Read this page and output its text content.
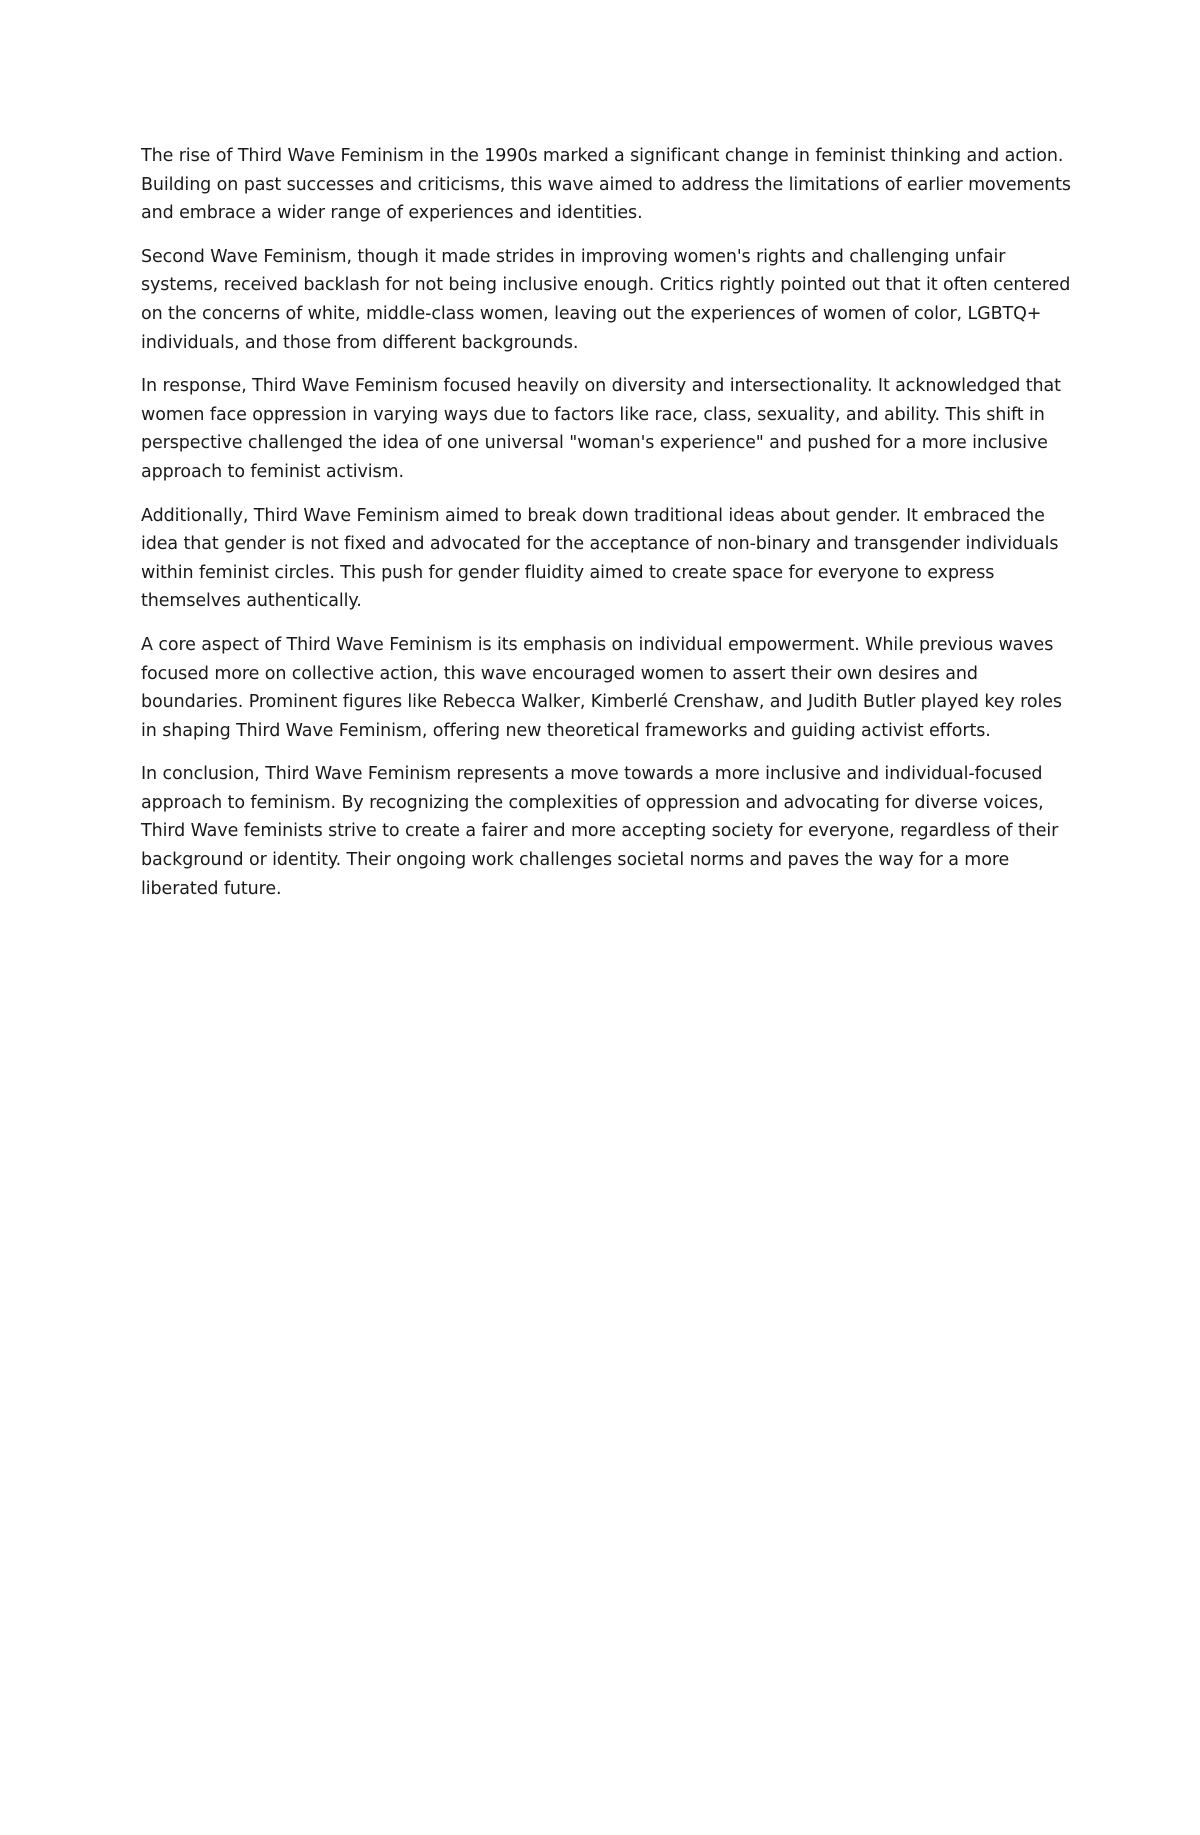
The rise of Third Wave Feminism in the 1990s marked a significant change in feminist thinking and action. Building on past successes and criticisms, this wave aimed to address the limitations of earlier movements and embrace a wider range of experiences and identities.

Second Wave Feminism, though it made strides in improving women's rights and challenging unfair systems, received backlash for not being inclusive enough. Critics rightly pointed out that it often centered on the concerns of white, middle-class women, leaving out the experiences of women of color, LGBTQ+ individuals, and those from different backgrounds.

In response, Third Wave Feminism focused heavily on diversity and intersectionality. It acknowledged that women face oppression in varying ways due to factors like race, class, sexuality, and ability. This shift in perspective challenged the idea of one universal "woman's experience" and pushed for a more inclusive approach to feminist activism.

Additionally, Third Wave Feminism aimed to break down traditional ideas about gender. It embraced the idea that gender is not fixed and advocated for the acceptance of non-binary and transgender individuals within feminist circles. This push for gender fluidity aimed to create space for everyone to express themselves authentically.

A core aspect of Third Wave Feminism is its emphasis on individual empowerment. While previous waves focused more on collective action, this wave encouraged women to assert their own desires and boundaries. Prominent figures like Rebecca Walker, Kimberlé Crenshaw, and Judith Butler played key roles in shaping Third Wave Feminism, offering new theoretical frameworks and guiding activist efforts.

In conclusion, Third Wave Feminism represents a move towards a more inclusive and individual-focused approach to feminism. By recognizing the complexities of oppression and advocating for diverse voices, Third Wave feminists strive to create a fairer and more accepting society for everyone, regardless of their background or identity. Their ongoing work challenges societal norms and paves the way for a more liberated future.
